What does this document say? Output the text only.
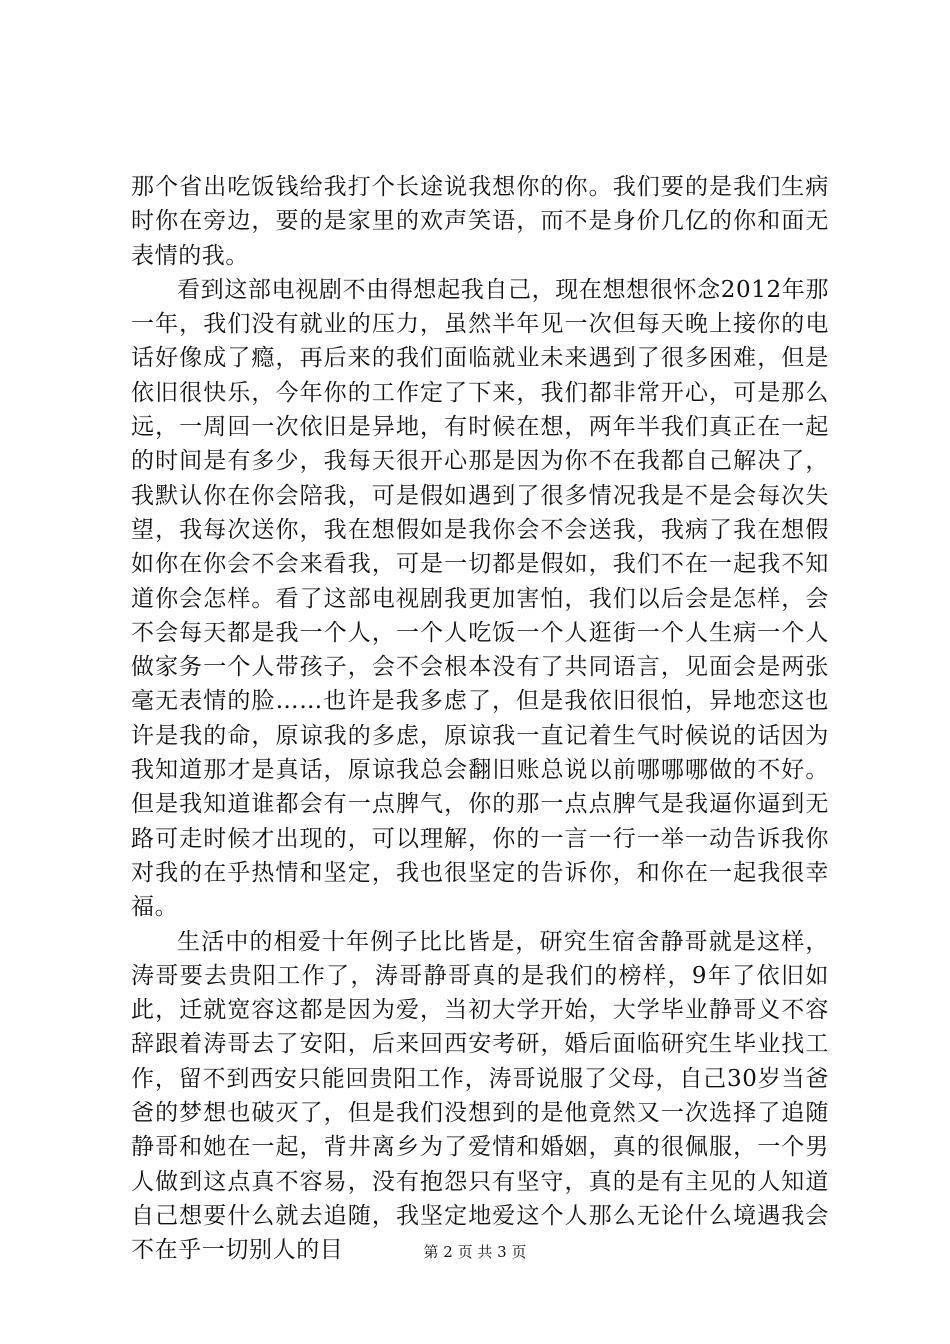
那个省出吃饭钱给我打个长途说我想你的你。我们要的是我们生病时你在旁边，要的是家里的欢声笑语，而不是身价几亿的你和面无表情的我。

看到这部电视剧不由得想起我自己，现在想想很怀念2012年那一年，我们没有就业的压力，虽然半年见一次但每天晚上接你的电话好像成了瘾，再后来的我们面临就业未来遇到了很多困难，但是依旧很快乐，今年你的工作定了下来，我们都非常开心，可是那么远，一周回一次依旧是异地，有时候在想，两年半我们真正在一起的时间是有多少，我每天很开心那是因为你不在我都自己解决了，我默认你在你会陪我，可是假如遇到了很多情况我是不是会每次失望，我每次送你，我在想假如是我你会不会送我，我病了我在想假如你在你会不会来看我，可是一切都是假如，我们不在一起我不知道你会怎样。看了这部电视剧我更加害怕，我们以后会是怎样，会不会每天都是我一个人，一个人吃饭一个人逛街一个人生病一个人做家务一个人带孩子，会不会根本没有了共同语言，见面会是两张毫无表情的脸……也许是我多虑了，但是我依旧很怕，异地恋这也许是我的命，原谅我的多虑，原谅我一直记着生气时候说的话因为我知道那才是真话，原谅我总会翻旧账总说以前哪哪哪做的不好。但是我知道谁都会有一点脾气，你的那一点点脾气是我逼你逼到无路可走时候才出现的，可以理解，你的一言一行一举一动告诉我你对我的在乎热情和坚定，我也很坚定的告诉你，和你在一起我很幸福。

生活中的相爱十年例子比比皆是，研究生宿舍静哥就是这样，涛哥要去贵阳工作了，涛哥静哥真的是我们的榜样，9年了依旧如此，迁就宽容这都是因为爱，当初大学开始，大学毕业静哥义不容辞跟着涛哥去了安阳，后来回西安考研，婚后面临研究生毕业找工作，留不到西安只能回贵阳工作，涛哥说服了父母，自己30岁当爸爸的梦想也破灭了，但是我们没想到的是他竟然又一次选择了追随静哥和她在一起，背井离乡为了爱情和婚姻，真的很佩服，一个男人做到这点真不容易，没有抱怨只有坚守，真的是有主见的人知道自己想要什么就去追随，我坚定地爱这个人那么无论什么境遇我会不在乎一切别人的目	第 2 页 共 3 页
